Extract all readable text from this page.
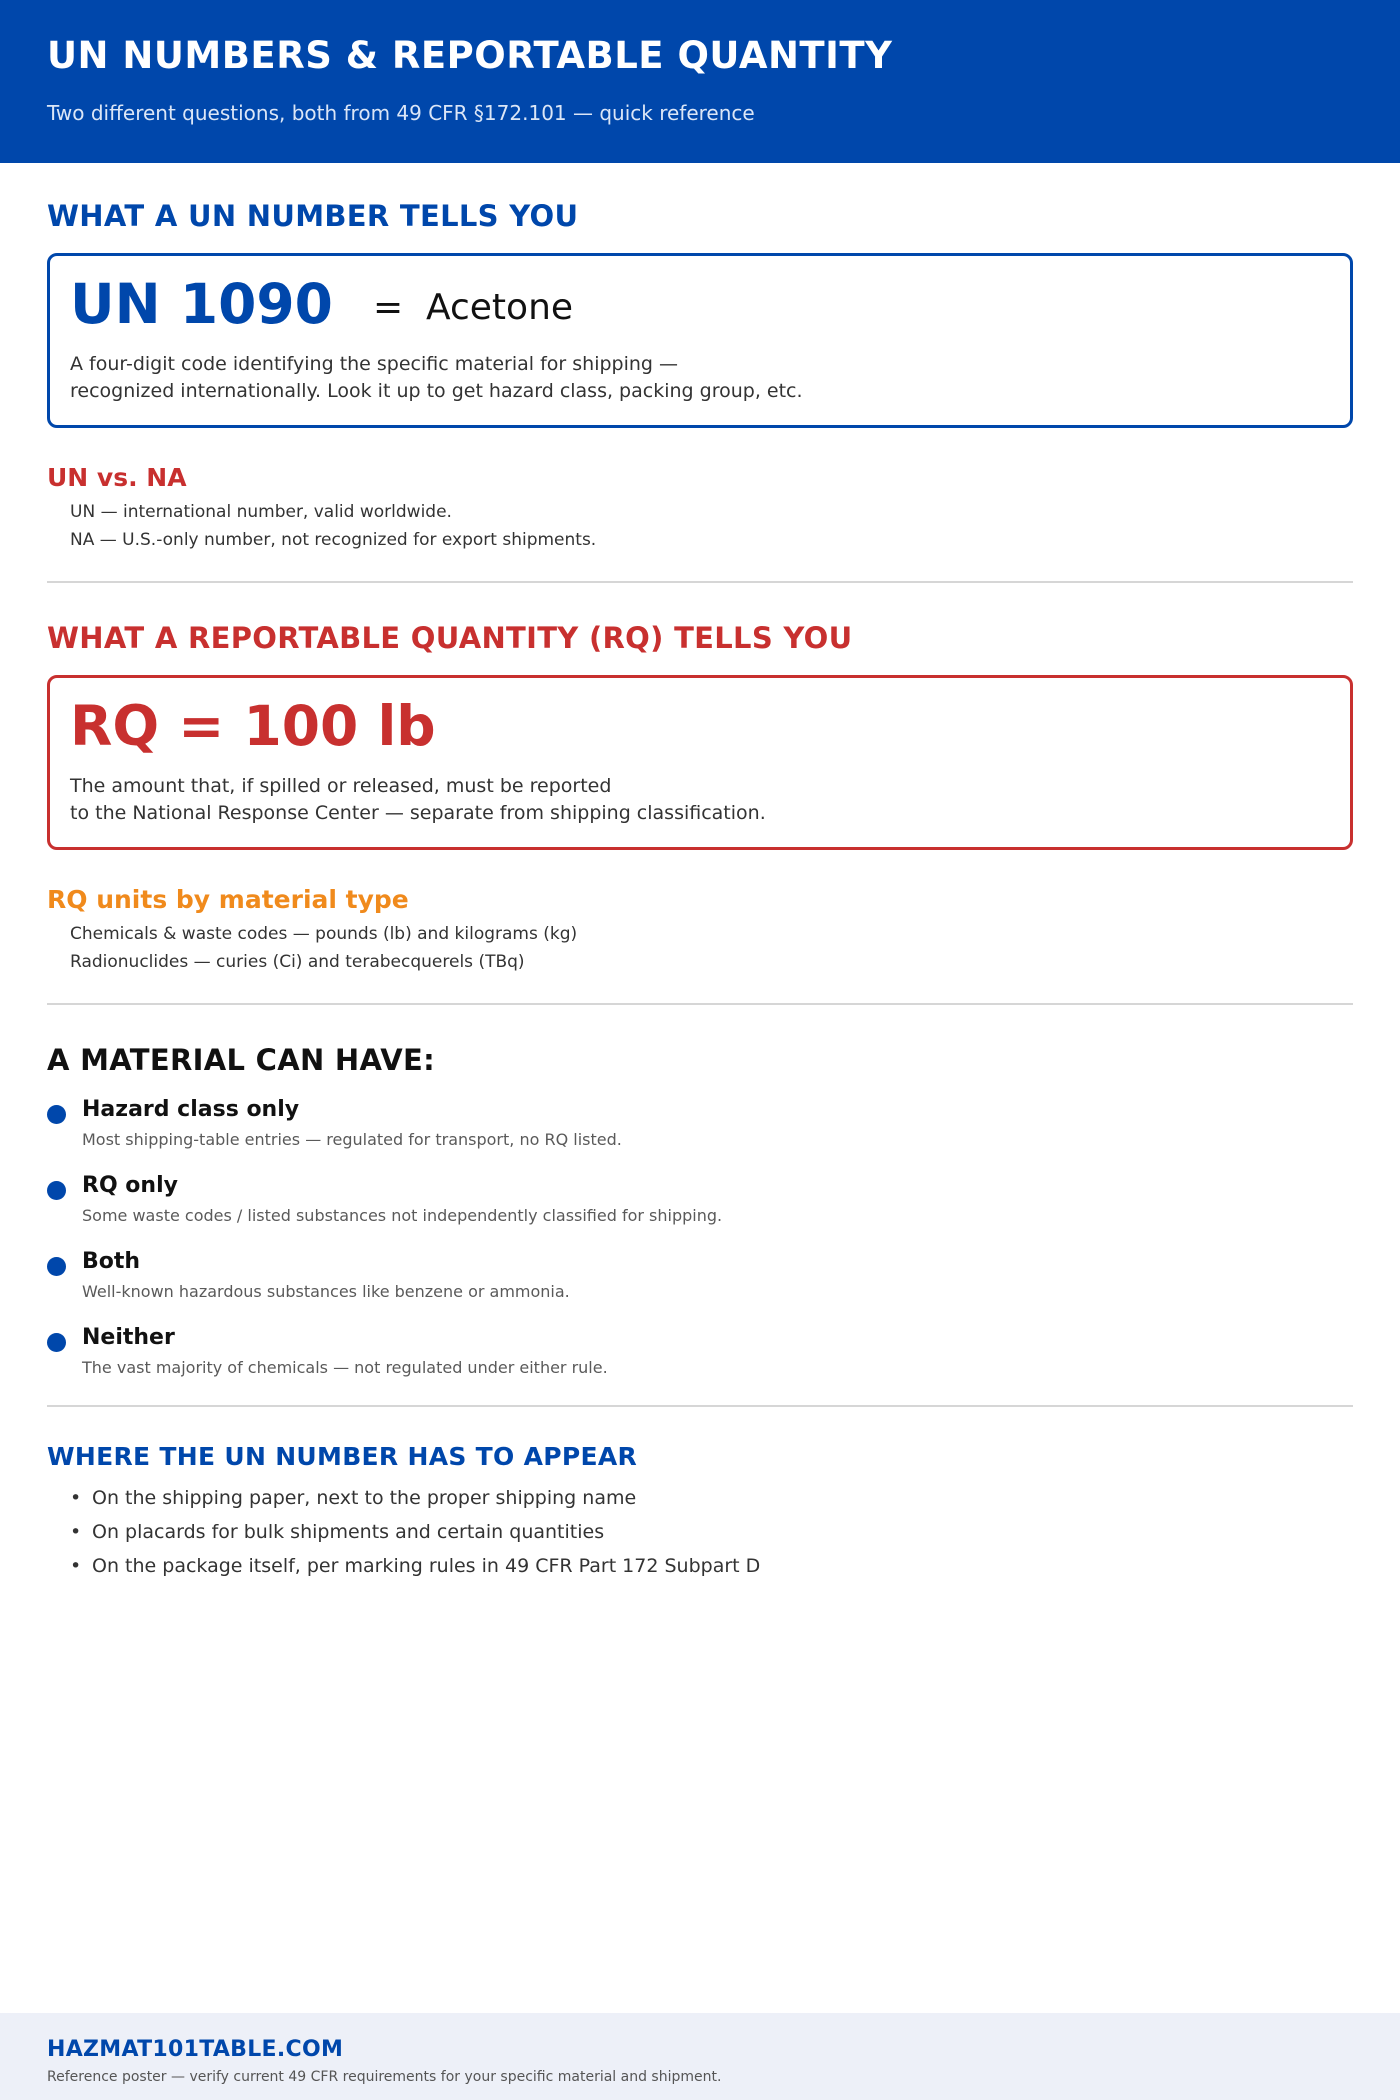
UN NUMBERS & REPORTABLE QUANTITY
Two different questions, both from 49 CFR §172.101 — quick reference
WHAT A UN NUMBER TELLS YOU
UN 1090 = Acetone
A four-digit code identifying the specific material for shipping —
recognized internationally. Look it up to get hazard class, packing group, etc.
UN vs. NA
UN — international number, valid worldwide.
NA — U.S.-only number, not recognized for export shipments.
WHAT A REPORTABLE QUANTITY (RQ) TELLS YOU
RQ = 100 lb
The amount that, if spilled or released, must be reported
to the National Response Center — separate from shipping classification.
RQ units by material type
Chemicals & waste codes — pounds (lb) and kilograms (kg)
Radionuclides — curies (Ci) and terabecquerels (TBq)
A MATERIAL CAN HAVE:
Hazard class only
Most shipping-table entries — regulated for transport, no RQ listed.
RQ only
Some waste codes / listed substances not independently classified for shipping.
Both
Well-known hazardous substances like benzene or ammonia.
Neither
The vast majority of chemicals — not regulated under either rule.
WHERE THE UN NUMBER HAS TO APPEAR
• On the shipping paper, next to the proper shipping name
• On placards for bulk shipments and certain quantities
• On the package itself, per marking rules in 49 CFR Part 172 Subpart D
HAZMAT101TABLE.COM
Reference poster — verify current 49 CFR requirements for your specific material and shipment.
